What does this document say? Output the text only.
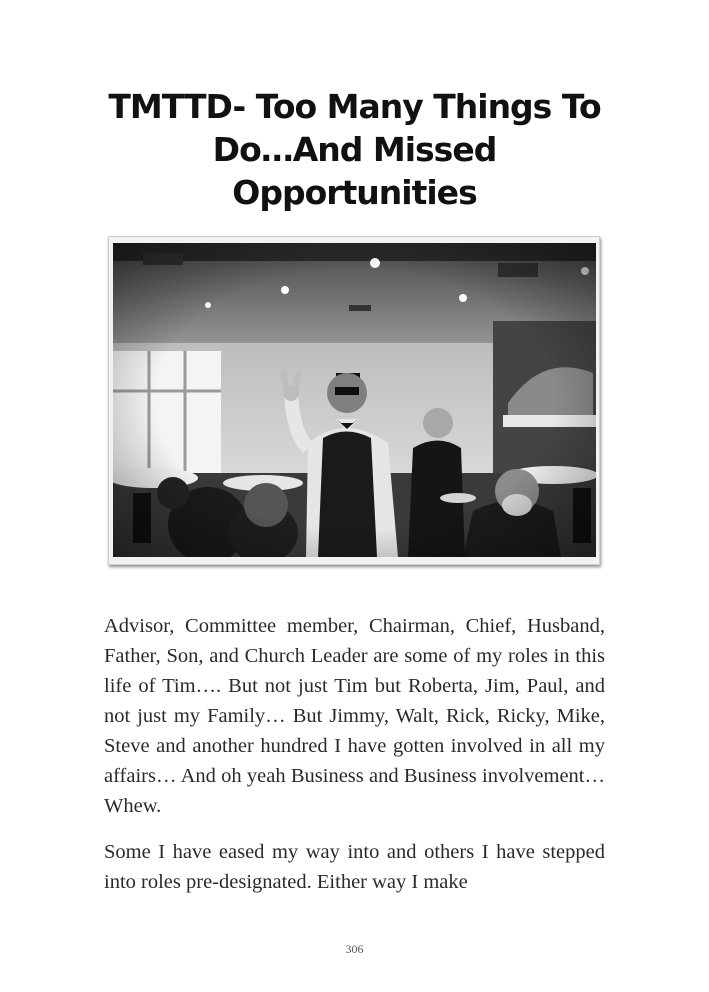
TMTTD- Too Many Things To Do…And Missed Opportunities

Advisor, Committee member, Chairman, Chief, Husband, Father, Son, and Church Leader are some of my roles in this life of Tim…. But not just Tim but Roberta, Jim, Paul, and not just my Family… But Jimmy, Walt, Rick, Ricky, Mike, Steve and another hundred I have gotten involved in all my affairs… And oh yeah Business and Business involvement… Whew.

Some I have eased my way into and others I have stepped into roles pre-designated. Either way I make

306
